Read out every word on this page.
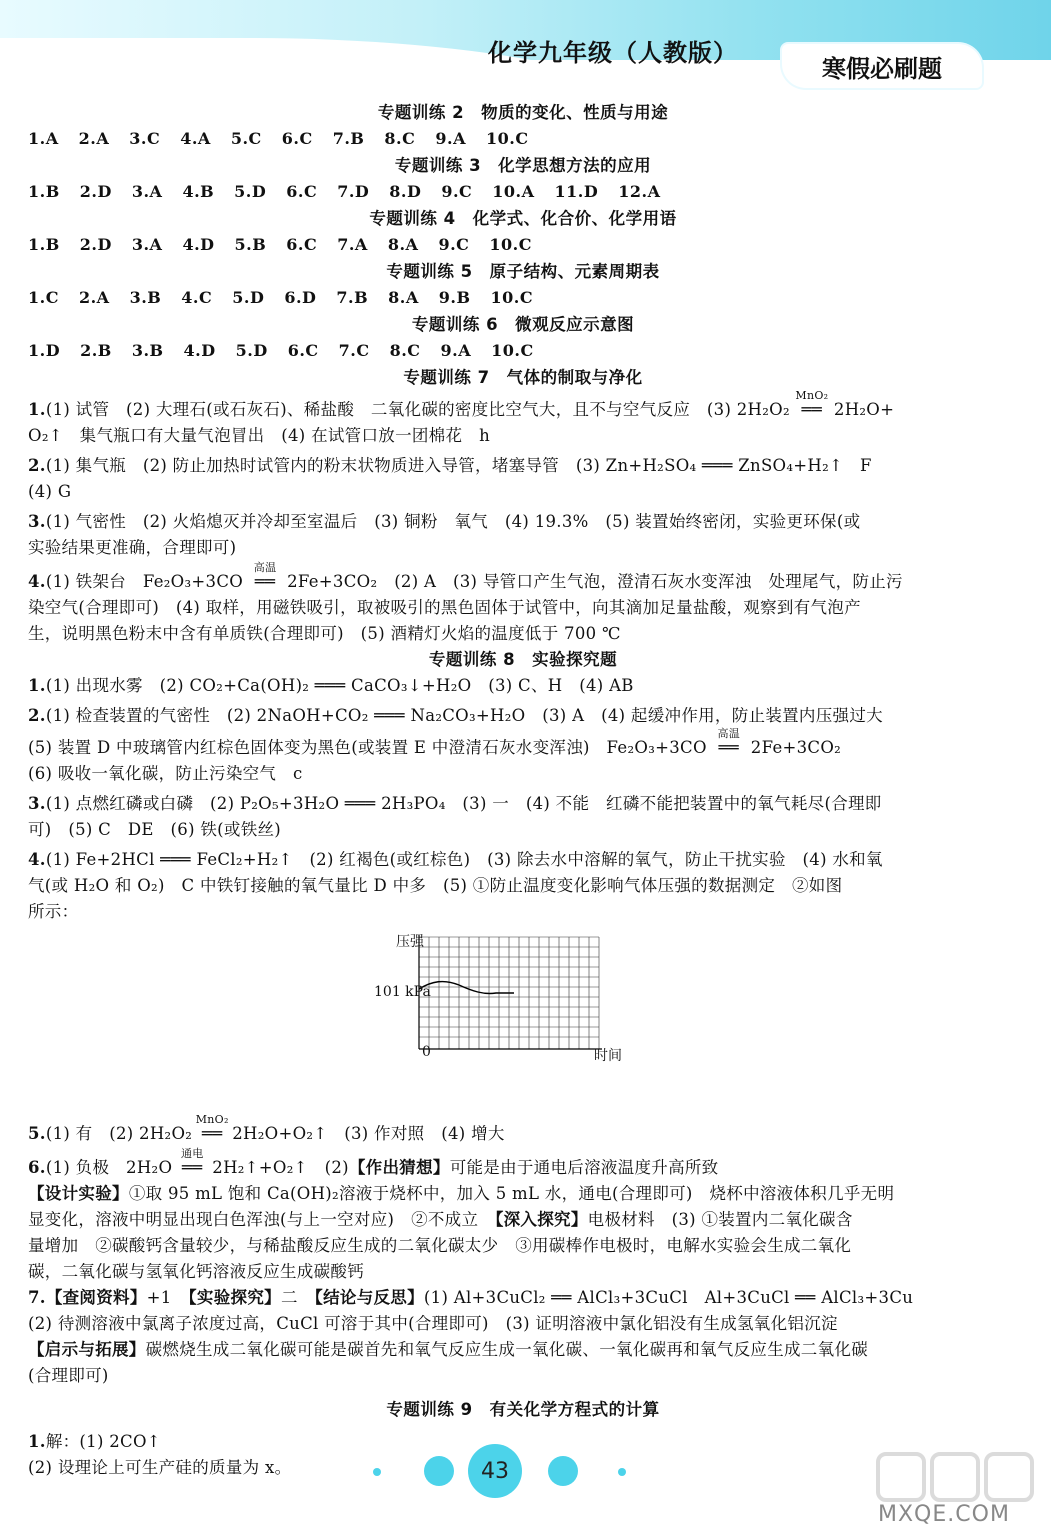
化学九年级（人教版）
寒假必刷题
专题训练 2　物质的变化、性质与用途
1.A 2.A 3.C 4.A 5.C 6.C 7.B 8.C 9.A 10.C
专题训练 3　化学思想方法的应用
1.B 2.D 3.A 4.B 5.D 6.C 7.D 8.D 9.C 10.A 11.D 12.A
专题训练 4　化学式、化合价、化学用语
1.B 2.D 3.A 4.D 5.B 6.C 7.A 8.A 9.C 10.C
专题训练 5　原子结构、元素周期表
1.C 2.A 3.B 4.C 5.D 6.D 7.B 8.A 9.B 10.C
专题训练 6　微观反应示意图
1.D 2.B 3.B 4.D 5.D 6.C 7.C 8.C 9.A 10.C
专题训练 7　气体的制取与净化
1.(1) 试管　(2) 大理石(或石灰石)、稀盐酸　二氧化碳的密度比空气大，且不与空气反应　(3) 2H₂O₂
MnO₂
══ 2H₂O+
O₂↑　集气瓶口有大量气泡冒出　(4) 在试管口放一团棉花　h
2.(1) 集气瓶　(2) 防止加热时试管内的粉末状物质进入导管，堵塞导管　(3) Zn+H₂SO₄ ═══ ZnSO₄+H₂↑　F
(4) G
3.(1) 气密性　(2) 火焰熄灭并冷却至室温后　(3) 铜粉　氧气　(4) 19.3%　(5) 装置始终密闭，实验更环保(或
实验结果更准确，合理即可)
4.(1) 铁架台　Fe₂O₃+3CO
高温
══ 2Fe+3CO₂　(2) A　(3) 导管口产生气泡，澄清石灰水变浑浊　处理尾气，防止污
染空气(合理即可)　(4) 取样，用磁铁吸引，取被吸引的黑色固体于试管中，向其滴加足量盐酸，观察到有气泡产
生，说明黑色粉末中含有单质铁(合理即可)　(5) 酒精灯火焰的温度低于 700 ℃
专题训练 8　实验探究题
1.(1) 出现水雾　(2) CO₂+Ca(OH)₂ ═══ CaCO₃↓+H₂O　(3) C、H　(4) AB
2.(1) 检查装置的气密性　(2) 2NaOH+CO₂ ═══ Na₂CO₃+H₂O　(3) A　(4) 起缓冲作用，防止装置内压强过大
(5) 装置 D 中玻璃管内红棕色固体变为黑色(或装置 E 中澄清石灰水变浑浊)　Fe₂O₃+3CO
高温
══ 2Fe+3CO₂
(6) 吸收一氧化碳，防止污染空气　c
3.(1) 点燃红磷或白磷　(2) P₂O₅+3H₂O ═══ 2H₃PO₄　(3) 一　(4) 不能　红磷不能把装置中的氧气耗尽(合理即
可)　(5) C　DE　(6) 铁(或铁丝)
4.(1) Fe+2HCl ═══ FeCl₂+H₂↑　(2) 红褐色(或红棕色)　(3) 除去水中溶解的氧气，防止干扰实验　(4) 水和氧
气(或 H₂O 和 O₂)　C 中铁钉接触的氧气量比 D 中多　(5) ①防止温度变化影响气体压强的数据测定　②如图
所示：
压强
101 kPa
0	时间
5.(1) 有　(2) 2H₂O₂
MnO₂
══ 2H₂O+O₂↑　(3) 作对照　(4) 增大
6.(1) 负极　2H₂O
通电
══ 2H₂↑+O₂↑　(2)【作出猜想】可能是由于通电后溶液温度升高所致
【设计实验】①取 95 mL 饱和 Ca(OH)₂溶液于烧杯中，加入 5 mL 水，通电(合理即可)　烧杯中溶液体积几乎无明
显变化，溶液中明显出现白色浑浊(与上一空对应)　②不成立　【深入探究】电极材料　(3) ①装置内二氧化碳含
量增加　②碳酸钙含量较少，与稀盐酸反应生成的二氧化碳太少　③用碳棒作电极时，电解水实验会生成二氧化
碳，二氧化碳与氢氧化钙溶液反应生成碳酸钙
7.【查阅资料】+1　【实验探究】二　【结论与反思】(1) Al+3CuCl₂ ══ AlCl₃+3CuCl　Al+3CuCl ══ AlCl₃+3Cu
(2) 待测溶液中氯离子浓度过高，CuCl 可溶于其中(合理即可)　(3) 证明溶液中氯化铝没有生成氢氧化铝沉淀
【启示与拓展】碳燃烧生成二氧化碳可能是碳首先和氧气反应生成一氧化碳、一氧化碳再和氧气反应生成二氧化碳
(合理即可)
专题训练 9　有关化学方程式的计算
1.解：(1) 2CO↑
(2) 设理论上可生产硅的质量为 x。	43
MXQE.COM
